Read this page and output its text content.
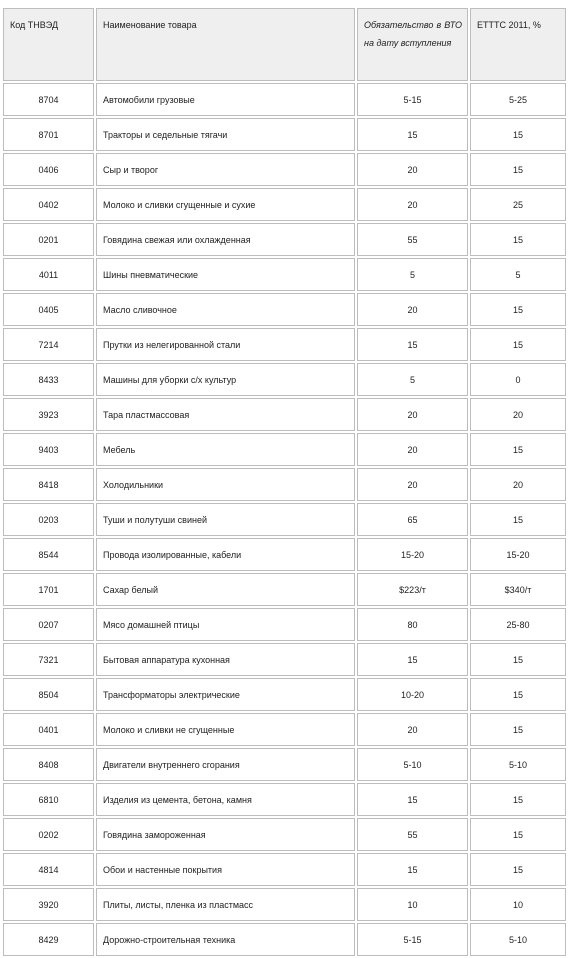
Код ТНВЭД	Наименование товара	Обязательство в ВТО на дату вступления	ЕТТТС 2011, %
8704	Автомобили грузовые	5-15	5-25
8701	Тракторы и седельные тягачи	15	15
0406	Сыр и творог	20	15
0402	Молоко и сливки сгущенные и сухие	20	25
0201	Говядина свежая или охлажденная	55	15
4011	Шины пневматические	5	5
0405	Масло сливочное	20	15
7214	Прутки из нелегированной стали	15	15
8433	Машины для уборки с/х культур	5	0
3923	Тара пластмассовая	20	20
9403	Мебель	20	15
8418	Холодильники	20	20
0203	Туши и полутуши свиней	65	15
8544	Провода изолированные, кабели	15-20	15-20
1701	Сахар белый	$223/т	$340/т
0207	Мясо домашней птицы	80	25-80
7321	Бытовая аппаратура кухонная	15	15
8504	Трансформаторы электрические	10-20	15
0401	Молоко и сливки не сгущенные	20	15
8408	Двигатели внутреннего сгорания	5-10	5-10
6810	Изделия из цемента, бетона, камня	15	15
0202	Говядина замороженная	55	15
4814	Обои и настенные покрытия	15	15
3920	Плиты, листы, пленка из пластмасс	10	10
8429	Дорожно-строительная техника	5-15	5-10
